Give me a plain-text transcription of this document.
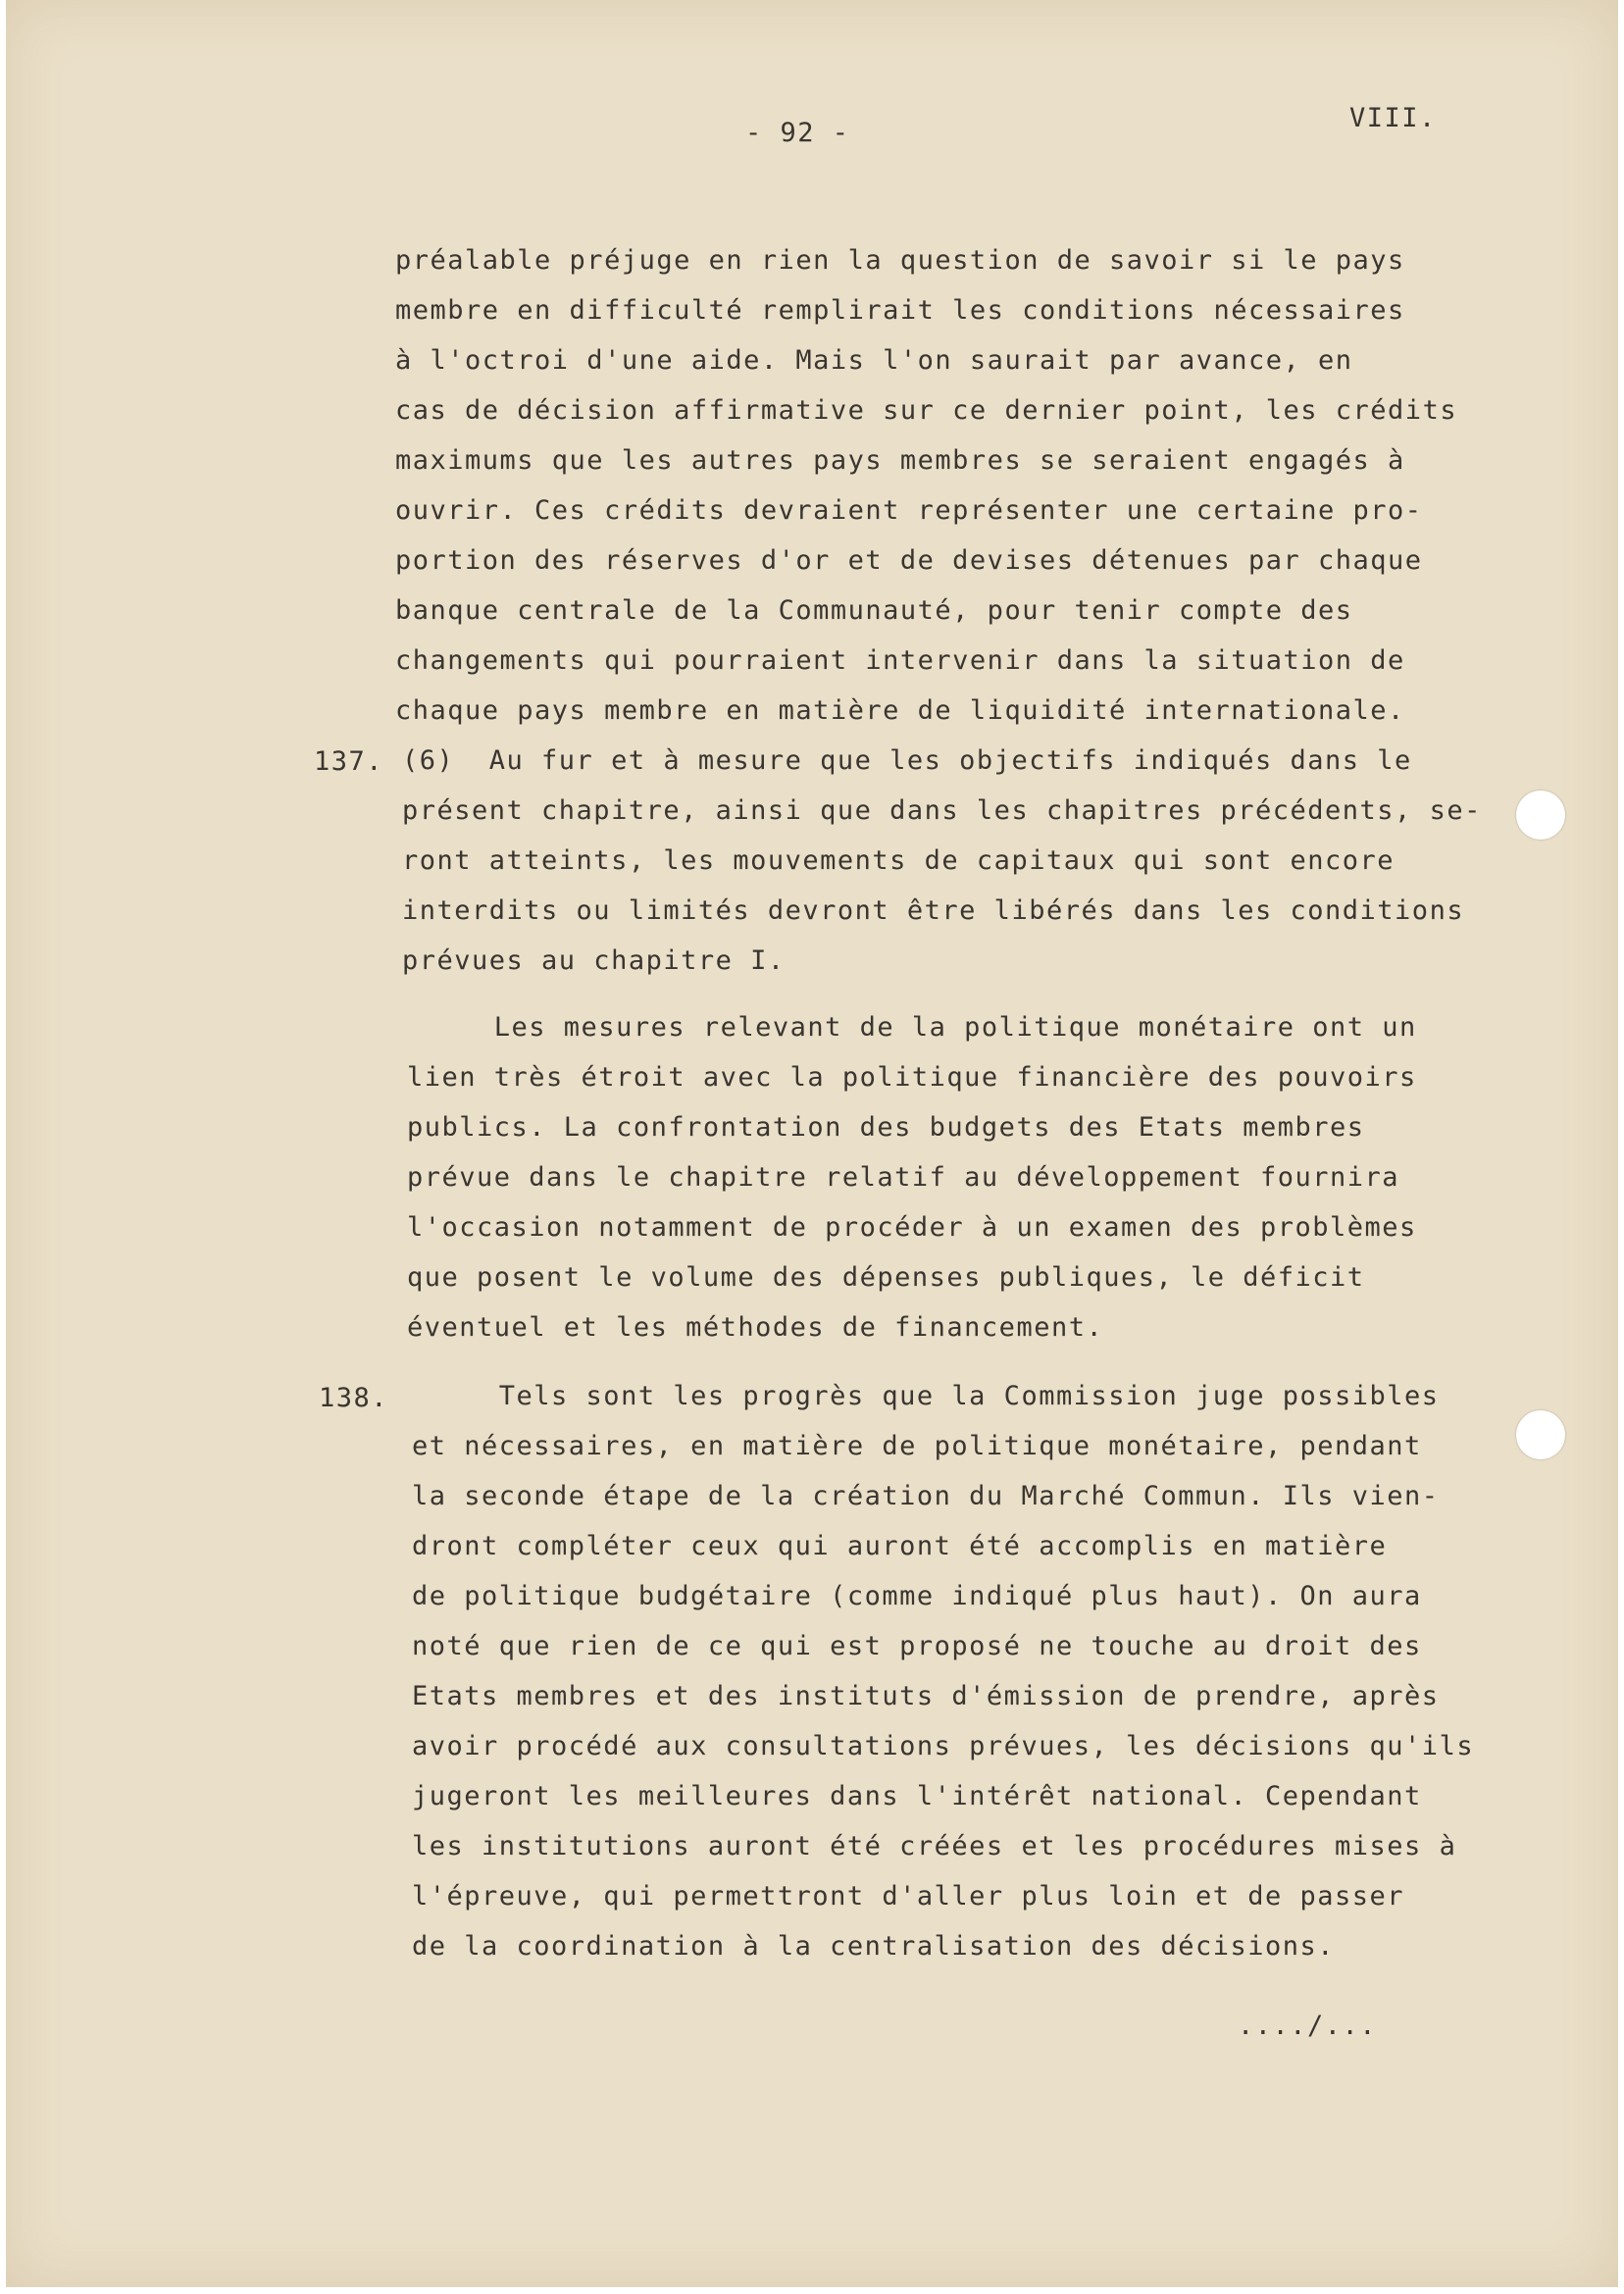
- 92 -	VIII.
préalable préjuge en rien la question de savoir si le pays
membre en difficulté remplirait les conditions nécessaires
à l'octroi d'une aide. Mais l'on saurait par avance, en
cas de décision affirmative sur ce dernier point, les crédits
maximums que les autres pays membres se seraient engagés à
ouvrir. Ces crédits devraient représenter une certaine pro-
portion des réserves d'or et de devises détenues par chaque
banque centrale de la Communauté, pour tenir compte des
changements qui pourraient intervenir dans la situation de
chaque pays membre en matière de liquidité internationale.
137. (6)  Au fur et à mesure que les objectifs indiqués dans le
présent chapitre, ainsi que dans les chapitres précédents, se-
ront atteints, les mouvements de capitaux qui sont encore
interdits ou limités devront être libérés dans les conditions
prévues au chapitre I.
Les mesures relevant de la politique monétaire ont un
lien très étroit avec la politique financière des pouvoirs
publics. La confrontation des budgets des Etats membres
prévue dans le chapitre relatif au développement fournira
l'occasion notamment de procéder à un examen des problèmes
que posent le volume des dépenses publiques, le déficit
éventuel et les méthodes de financement.
138. Tels sont les progrès que la Commission juge possibles
et nécessaires, en matière de politique monétaire, pendant
la seconde étape de la création du Marché Commun. Ils vien-
dront compléter ceux qui auront été accomplis en matière
de politique budgétaire (comme indiqué plus haut). On aura
noté que rien de ce qui est proposé ne touche au droit des
Etats membres et des instituts d'émission de prendre, après
avoir procédé aux consultations prévues, les décisions qu'ils
jugeront les meilleures dans l'intérêt national. Cependant
les institutions auront été créées et les procédures mises à
l'épreuve, qui permettront d'aller plus loin et de passer
de la coordination à la centralisation des décisions.
..../...
